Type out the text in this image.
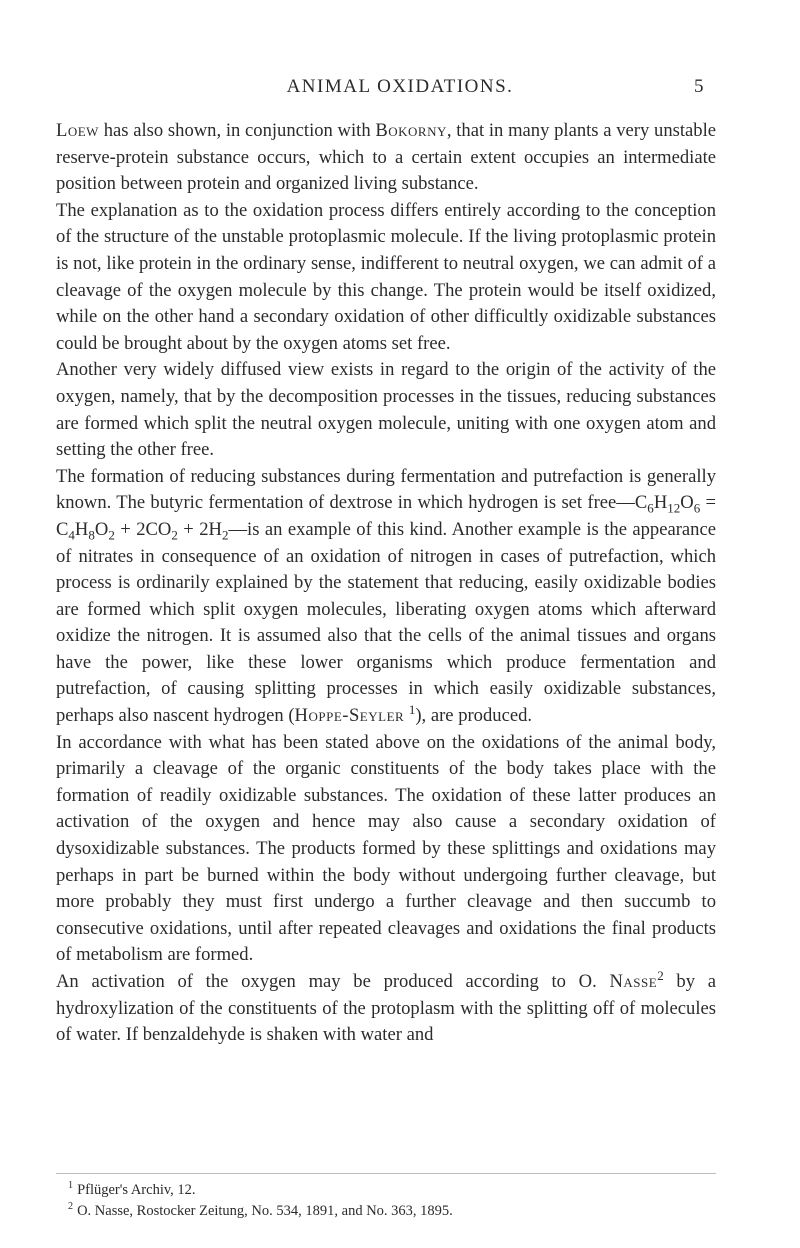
ANIMAL OXIDATIONS.	5

Loew has also shown, in conjunction with Bokorny, that in many plants a very unstable reserve-protein substance occurs, which to a certain extent occupies an intermediate position between protein and organized living substance.

The explanation as to the oxidation process differs entirely according to the conception of the structure of the unstable protoplasmic molecule. If the living protoplasmic protein is not, like protein in the ordinary sense, indifferent to neutral oxygen, we can admit of a cleavage of the oxygen molecule by this change. The protein would be itself oxidized, while on the other hand a secondary oxidation of other difficultly oxidizable substances could be brought about by the oxygen atoms set free.

Another very widely diffused view exists in regard to the origin of the activity of the oxygen, namely, that by the decomposition processes in the tissues, reducing substances are formed which split the neutral oxygen molecule, uniting with one oxygen atom and setting the other free.

The formation of reducing substances during fermentation and putrefaction is generally known. The butyric fermentation of dextrose in which hydrogen is set $free—C_6H_{12}O_6 = C_4H_8O_2 + 2CO_2$ + $2H_2—is$ an example of this kind. Another example is the appearance of nitrates in consequence of an oxidation of nitrogen in cases of putrefaction, which process is ordinarily explained by the statement that reducing, easily oxidizable bodies are formed which split oxygen molecules, liberating oxygen atoms which afterward oxidize the nitrogen. It is assumed also that the cells of the animal tissues and organs have the power, like these lower organisms which produce fermentation and putrefaction, of causing splitting processes in which easily oxidizable substances, perhaps also nascent hydrogen (Hoppe-Seyler $^1$), are produced.

In accordance with what has been stated above on the oxidations of the animal body, primarily a cleavage of the organic constituents of the body takes place with the formation of readily oxidizable substances. The oxidation of these latter produces an activation of the oxygen and hence may also cause a secondary oxidation of dysoxidizable substances. The products formed by these splittings and oxidations may perhaps in part be burned within the body without undergoing further cleavage, but more probably they must first undergo a further cleavage and then succumb to consecutive oxidations, until after repeated cleavages and oxidations the final products of metabolism are formed.

An activation of the oxygen may be produced according to O. Nasse$^2$ by a hydroxylization of the constituents of the protoplasm with the splitting off of molecules of water. If benzaldehyde is shaken with water and

$^1$ Pflüger's Archiv, 12.
$^2$ O. Nasse, Rostocker Zeitung, No. 534, 1891, and No. 363, 1895.
